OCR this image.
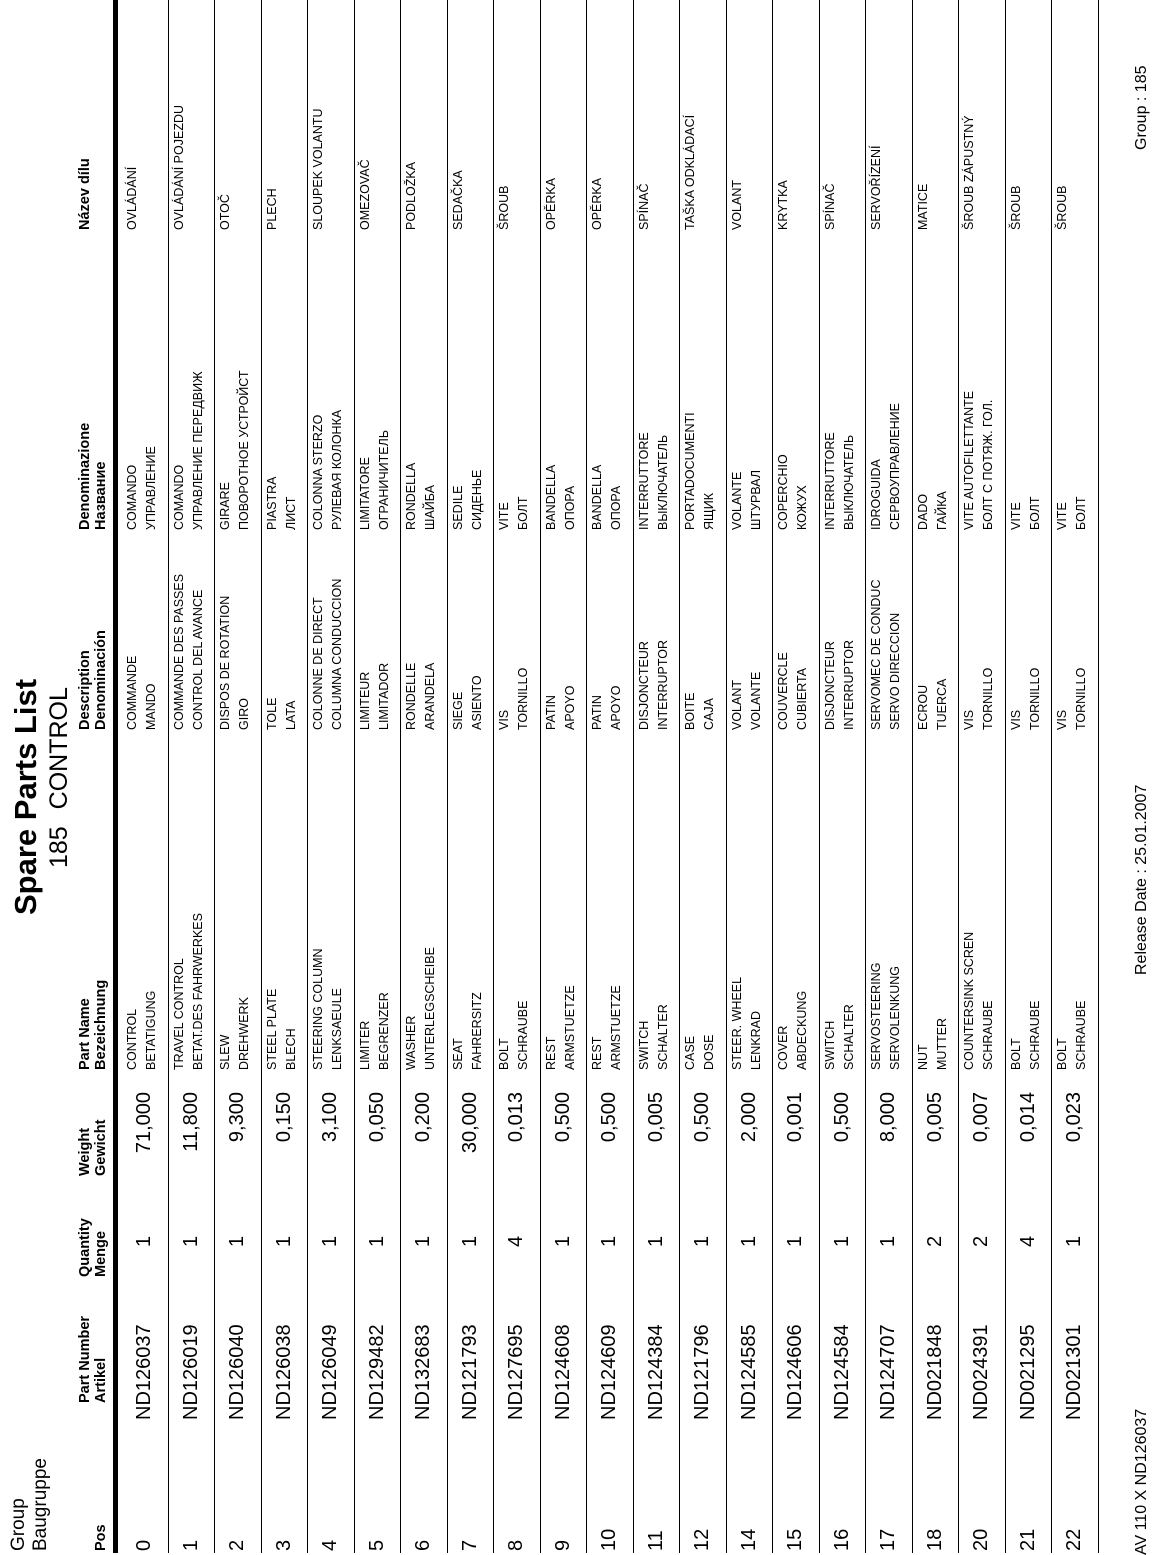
Group Baugruppe
Spare Parts List 185 CONTROL
Pos
Part Number Artikel
Quantity Menge
Weight Gewicht
Part Name Bezeichnung
Description Denominación
Denominazione Название
Název dílu
0
ND126037
1
71,000
CONTROL BETATIGUNG
COMMANDE MANDO
COMANDO УПРАВЛЕНИЕ
OVLÁDÁNÍ
1
ND126019
1
11,800
TRAVEL CONTROL BETAT.DES FAHRWERKES
COMMANDE DES PASSES CONTROL DEL AVANCE
COMANDO УПРАВЛЕНИЕ ПЕРЕДВИЖ
OVLÁDÁNÍ POJEZDU
2
ND126040
1
9,300
SLEW DREHWERK
DISPOS DE ROTATION GIRO
GIRARE ПОВОРОТНОЕ УСТРОЙСТ
OTOČ
3
ND126038
1
0,150
STEEL PLATE BLECH
TOLE LATA
PIASTRA ЛИСТ
PLECH
4
ND126049
1
3,100
STEERING COLUMN LENKSAEULE
COLONNE DE DIRECT COLUMNA CONDUCCION
COLONNA STERZO РУЛЕВАЯ КОЛОНКА
SLOUPEK VOLANTU
5
ND129482
1
0,050
LIMITER BEGRENZER
LIMITEUR LIMITADOR
LIMITATORE ОГРАНИЧИТЕЛЬ
OMEZOVAČ
6
ND132683
1
0,200
WASHER UNTERLEGSCHEIBE
RONDELLE ARANDELA
RONDELLA ШАЙБА
PODLOŽKA
7
ND121793
1
30,000
SEAT FAHRERSITZ
SIEGE ASIENTO
SEDILE СИДЕНЬЕ
SEDAČKA
8
ND127695
4
0,013
BOLT SCHRAUBE
VIS TORNILLO
VITE БОЛТ
ŠROUB
9
ND124608
1
0,500
REST ARMSTUETZE
PATIN APOYO
BANDELLA ОПОРА
OPĚRKA
10
ND124609
1
0,500
REST ARMSTUETZE
PATIN APOYO
BANDELLA ОПОРА
OPĚRKA
11
ND124384
1
0,005
SWITCH SCHALTER
DISJONCTEUR INTERRUPTOR
INTERRUTTORE ВЫКЛЮЧАТЕЛЬ
SPÍNAČ
12
ND121796
1
0,500
CASE DOSE
BOITE CAJA
PORTADOCUMENTI ЯЩИК
TAŠKA ODKLÁDACÍ
14
ND124585
1
2,000
STEER. WHEEL LENKRAD
VOLANT VOLANTE
VOLANTE ШТУРВАЛ
VOLANT
15
ND124606
1
0,001
COVER ABDECKUNG
COUVERCLE CUBIERTA
COPERCHIO КОЖУХ
KRYTKA
16
ND124584
1
0,500
SWITCH SCHALTER
DISJONCTEUR INTERRUPTOR
INTERRUTTORE ВЫКЛЮЧАТЕЛЬ
SPÍNAČ
17
ND124707
1
8,000
SERVOSTEERING SERVOLENKUNG
SERVOMEC DE CONDUC SERVO DIRECCION
IDROGUIDA СЕРВОУПРАВЛЕНИЕ
SERVOŘÍZENÍ
18
ND021848
2
0,005
NUT MUTTER
ECROU TUERCA
DADO ГАЙКА
MATICE
20
ND024391
2
0,007
COUNTERSINK SCREN SCHRAUBE
VIS TORNILLO
VITE AUTOFILETTANTE БОЛТ С ПОТЯЖ. ГОЛ.
ŠROUB ZÁPUSTNÝ
21
ND021295
4
0,014
BOLT SCHRAUBE
VIS TORNILLO
VITE БОЛТ
ŠROUB
22
ND021301
1
0,023
BOLT SCHRAUBE
VIS TORNILLO
VITE БОЛТ
ŠROUB
AV 110 X ND126037
Release Date : 25.01.2007
Group : 185
